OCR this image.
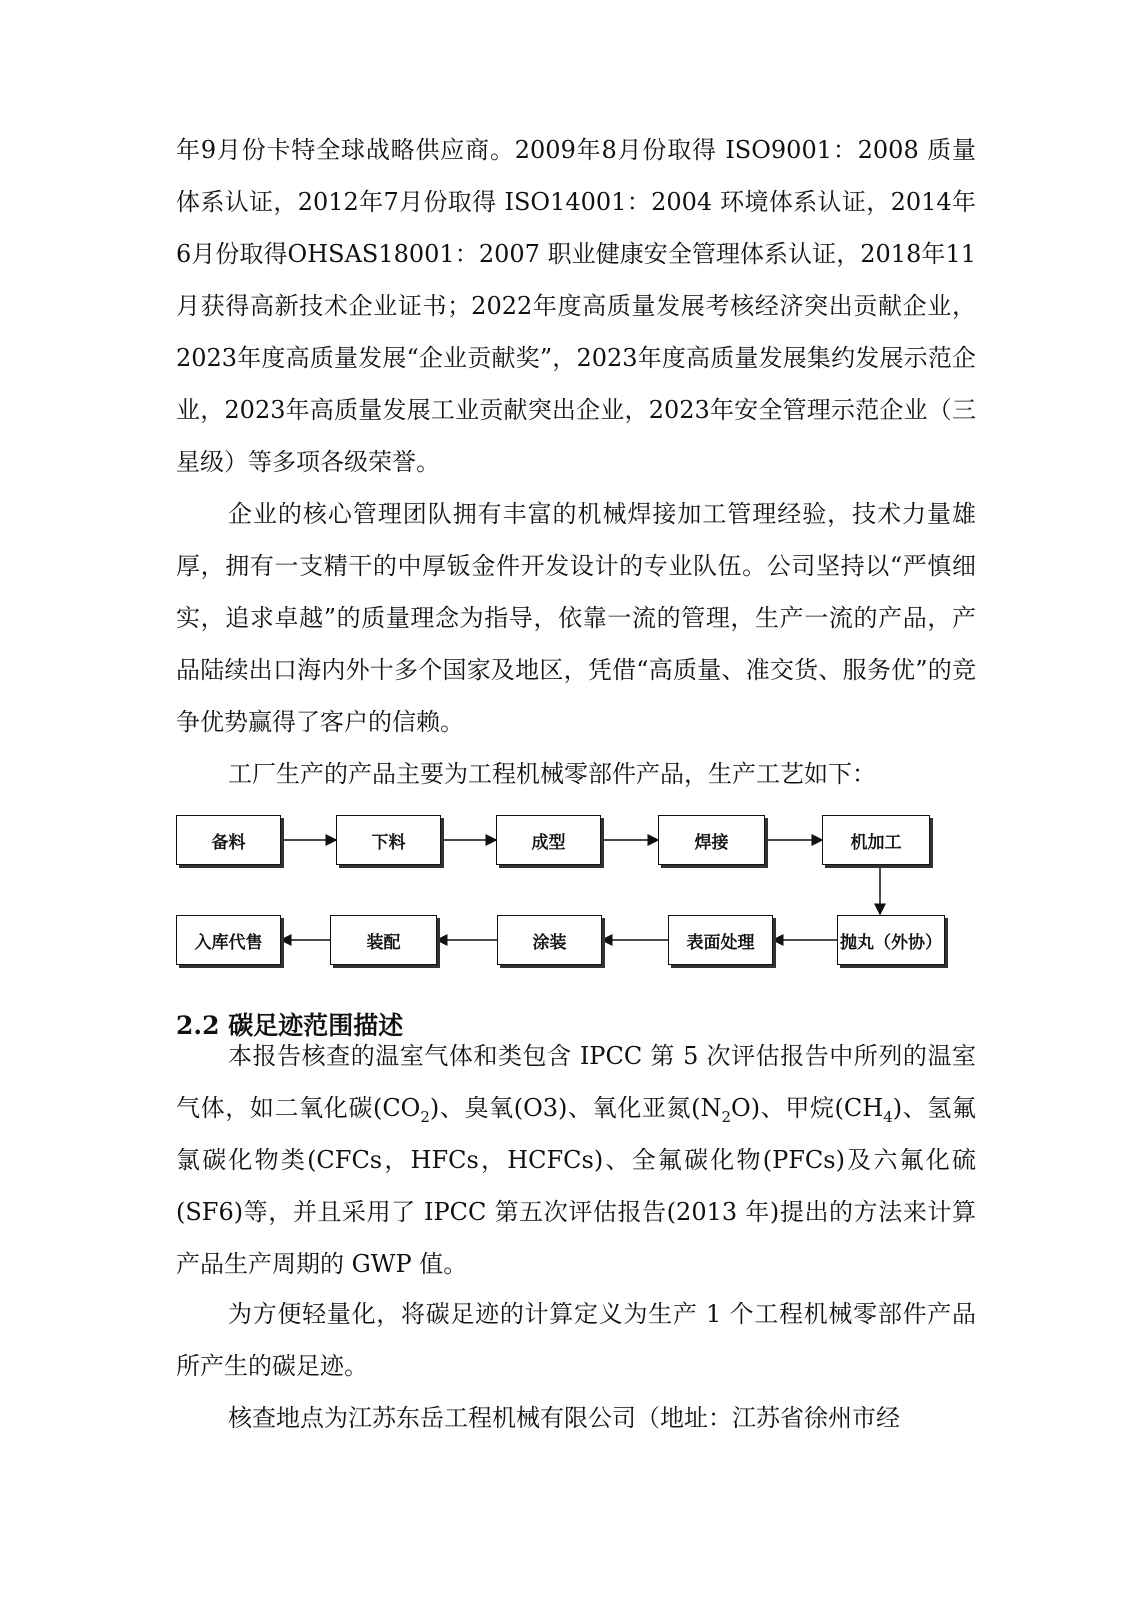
年9月份卡特全球战略供应商。2009年8月份取得 ISO9001：2008 质量体系认证，2012年7月份取得 ISO14001：2004 环境体系认证，2014年6月份取得OHSAS18001：2007 职业健康安全管理体系认证，2018年11月获得高新技术企业证书；2022年度高质量发展考核经济突出贡献企业，2023年度高质量发展“企业贡献奖”，2023年度高质量发展集约发展示范企业，2023年高质量发展工业贡献突出企业，2023年安全管理示范企业（三星级）等多项各级荣誉。

企业的核心管理团队拥有丰富的机械焊接加工管理经验，技术力量雄厚，拥有一支精干的中厚钣金件开发设计的专业队伍。公司坚持以“严慎细实，追求卓越”的质量理念为指导，依靠一流的管理，生产一流的产品，产品陆续出口海内外十多个国家及地区，凭借“高质量、准交货、服务优”的竞争优势赢得了客户的信赖。

工厂生产的产品主要为工程机械零部件产品，生产工艺如下：

备料	下料	成型	焊接	机加工
入库代售	装配	涂装	表面处理	抛丸（外协）
2.2 碳足迹范围描述

本报告核查的温室气体和类包含 IPCC 第 5 次评估报告中所列的温室气体，如二氧化碳$(CO_2)$、臭氧(O3)、氧化亚氮$(N_2O)$、甲烷$(CH_4)$、氢氟氯碳化物类(CFCs，HFCs，HCFCs)、全氟碳化物(PFCs)及六氟化硫(SF6)等，并且采用了 IPCC 第五次评估报告(2013 年)提出的方法来计算产品生产周期的 GWP 值。

为方便轻量化，将碳足迹的计算定义为生产 1 个工程机械零部件产品所产生的碳足迹。

核查地点为江苏东岳工程机械有限公司（地址：江苏省徐州市经
